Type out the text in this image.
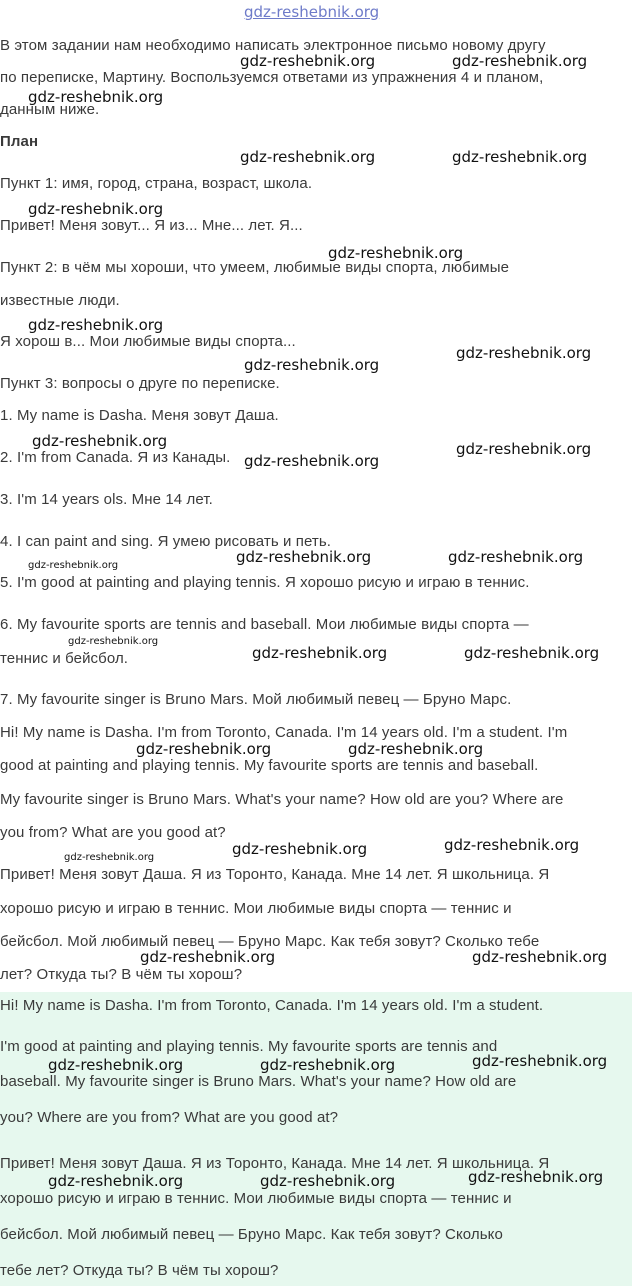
gdz-reshebnik.org
В этом задании нам необходимо написать электронное письмо новому другу
по переписке, Мартину. Воспользуемся ответами из упражнения 4 и планом,
данным ниже.
План
Пункт 1: имя, город, страна, возраст, школа.
Привет! Меня зовут... Я из... Мне... лет. Я...
Пункт 2: в чём мы хороши, что умеем, любимые виды спорта, любимые
известные люди.
Я хорош в... Мои любимые виды спорта...
Пункт 3: вопросы о друге по переписке.
1. My name is Dasha. Меня зовут Даша.
2. I'm from Canada. Я из Канады.
3. I'm 14 years ols. Мне 14 лет.
4. I can paint and sing. Я умею рисовать и петь.
5. I'm good at painting and playing tennis. Я хорошо рисую и играю в теннис.
6. My favourite sports are tennis and baseball. Мои любимые виды спорта —
теннис и бейсбол.
7. My favourite singer is Bruno Mars. Мой любимый певец — Бруно Марс.
Hi! My name is Dasha. I'm from Toronto, Canada. I'm 14 years old. I'm a student. I'm
good at painting and playing tennis. My favourite sports are tennis and baseball.
My favourite singer is Bruno Mars. What's your name? How old are you? Where are
you from? What are you good at?
Привет! Меня зовут Даша. Я из Торонто, Канада. Мне 14 лет. Я школьница. Я
хорошо рисую и играю в теннис. Мои любимые виды спорта — теннис и
бейсбол. Мой любимый певец — Бруно Марс. Как тебя зовут? Сколько тебе
лет? Откуда ты? В чём ты хорош?
Hi! My name is Dasha. I'm from Toronto, Canada. I'm 14 years old. I'm a student.
I'm good at painting and playing tennis. My favourite sports are tennis and
baseball. My favourite singer is Bruno Mars. What's your name? How old are
you? Where are you from? What are you good at?
Привет! Меня зовут Даша. Я из Торонто, Канада. Мне 14 лет. Я школьница. Я
хорошо рисую и играю в теннис. Мои любимые виды спорта — теннис и
бейсбол. Мой любимый певец — Бруно Марс. Как тебя зовут? Сколько
тебе лет? Откуда ты? В чём ты хорош?
gdz-reshebnik.org	gdz-reshebnik.org
gdz-reshebnik.org
gdz-reshebnik.org	gdz-reshebnik.org
gdz-reshebnik.org
gdz-reshebnik.org
gdz-reshebnik.org
gdz-reshebnik.org
gdz-reshebnik.org
gdz-reshebnik.org	gdz-reshebnik.org
gdz-reshebnik.org
gdz-reshebnik.org	gdz-reshebnik.org
gdz-reshebnik.org
gdz-reshebnik.org
gdz-reshebnik.org	gdz-reshebnik.org
gdz-reshebnik.org	gdz-reshebnik.org
gdz-reshebnik.org
gdz-reshebnik.org
gdz-reshebnik.org
gdz-reshebnik.org	gdz-reshebnik.org
gdz-reshebnik.org
gdz-reshebnik.org	gdz-reshebnik.org
gdz-reshebnik.org
gdz-reshebnik.org	gdz-reshebnik.org
